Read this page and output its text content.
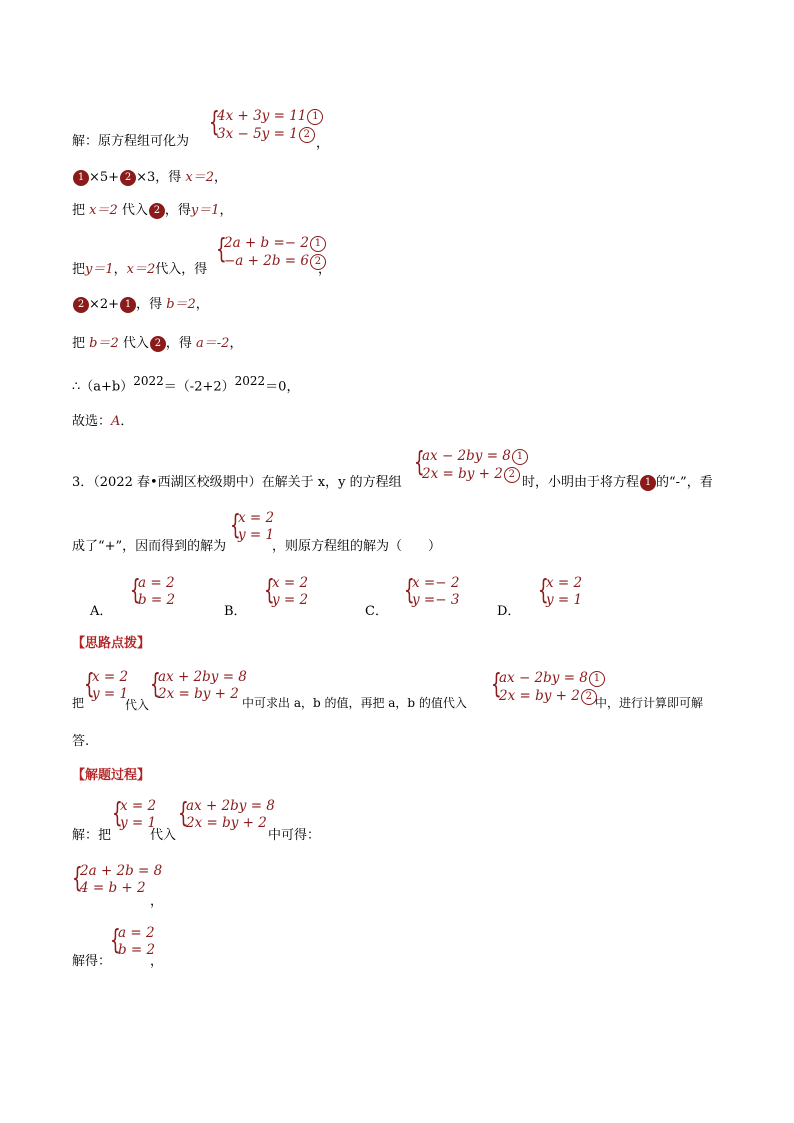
{
4x + 3y = 11 1
3x − 5y = 1 2
解：原方程组可化为	，
1 ×5+ 2 ×3，得 x＝2，
把 x＝2 代入 2 ，得y＝1，
{
2a + b =− 2 1
−a + 2b = 6 2
把y＝1，x＝2代入，得	，
2 ×2+ 1 ，得 b＝2，
把 b＝2 代入 2 ，得 a＝-2，
$\therefore(a+b)^{2022}=(-2+2)^{2022}=0$，
故选：A．
{
ax − 2by = 8 1
2x = by + 2 2
3．（2022 春•西湖区校级期中）在解关于 x，y 的方程组	时，小明由于将方程 1 的“-”，看
{
x = 2
y = 1
成了“+”，因而得到的解为	，则原方程组的解为（　　）
A．
{
a = 2
b = 2
B．
{
x = 2
y = 2
C．
{
x =− 2
y =− 3
D．
{
x = 2
y = 1
【思路点拨】
把
{
x = 2
y = 1
代入
{
ax + 2by = 8
2x = by + 2
中可求出 a，b 的值，再把 a，b 的值代入
{
ax − 2by = 8 1
2x = by + 2 2 中，进行计算即可解
答.
【解题过程】
解：把
{
x = 2
y = 1
代入
{
ax + 2by = 8
2x = by + 2
中可得：
{
2a + 2b = 8
4 = b + 2
，
解得：
{
a = 2
b = 2
，
